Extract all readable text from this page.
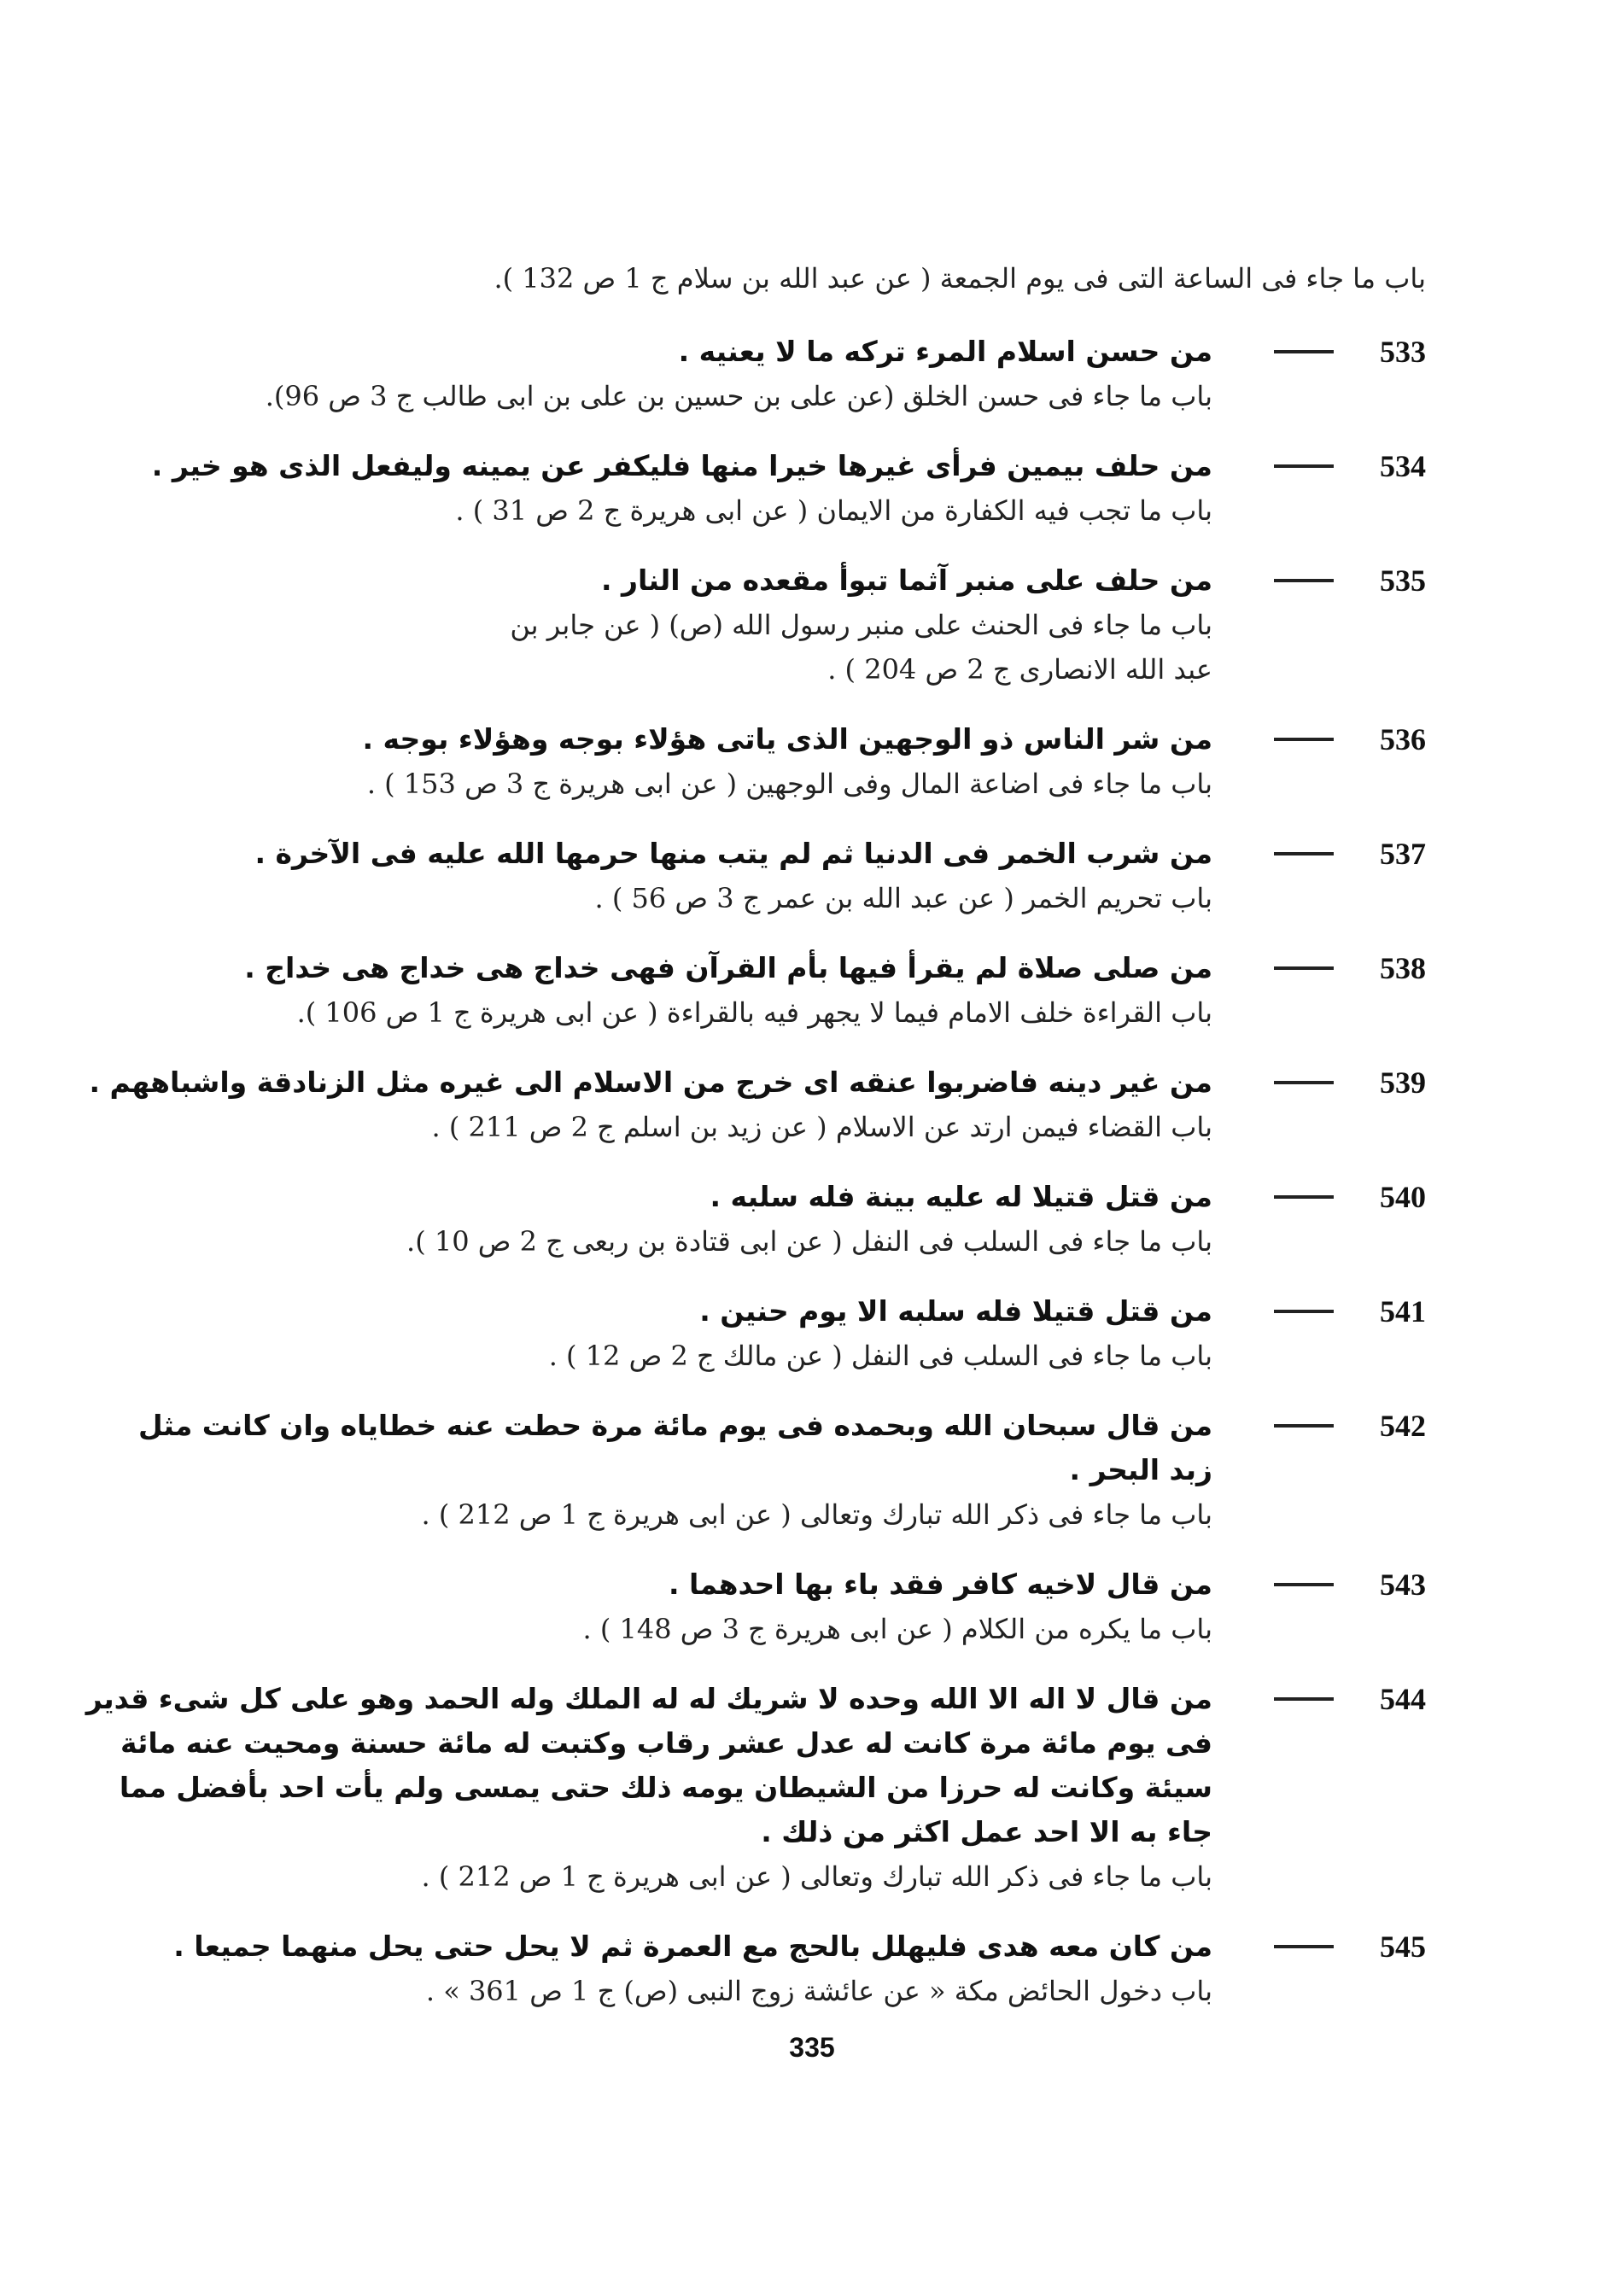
باب ما جاء فى الساعة التى فى يوم الجمعة ( عن عبد الله بن سلام ج 1 ص 132 ).
533
من حسن اسلام المرء تركه ما لا يعنيه .
باب ما جاء فى حسن الخلق (عن على بن حسين بن على بن ابى طالب ج 3 ص 96).
534
من حلف بيمين فرأى غيرها خيرا منها فليكفر عن يمينه وليفعل الذى هو خير .
باب ما تجب فيه الكفارة من الايمان ( عن ابى هريرة ج 2 ص 31 ) .
535
من حلف على منبر آثما تبوأ مقعده من النار .
باب ما جاء فى الحنث على منبر رسول الله (ص) ( عن جابر بن
عبد الله الانصارى ج 2 ص 204 ) .
536
من شر الناس ذو الوجهين الذى ياتى هؤلاء بوجه وهؤلاء بوجه .
باب ما جاء فى اضاعة المال وفى الوجهين ( عن ابى هريرة ج 3 ص 153 ) .
537
من شرب الخمر فى الدنيا ثم لم يتب منها حرمها الله عليه فى الآخرة .
باب تحريم الخمر ( عن عبد الله بن عمر ج 3 ص 56 ) .
538
من صلى صلاة لم يقرأ فيها بأم القرآن فهى خداج هى خداج هى خداج .
باب القراءة خلف الامام فيما لا يجهر فيه بالقراءة ( عن ابى هريرة ج 1 ص 106 ).
539
من غير دينه فاضربوا عنقه اى خرج من الاسلام الى غيره مثل الزنادقة واشباههم .
باب القضاء فيمن ارتد عن الاسلام ( عن زيد بن اسلم ج 2 ص 211 ) .
540
من قتل قتيلا له عليه بينة فله سلبه .
باب ما جاء فى السلب فى النفل ( عن ابى قتادة بن ربعى ج 2 ص 10 ).
541
من قتل قتيلا فله سلبه الا يوم حنين .
باب ما جاء فى السلب فى النفل ( عن مالك ج 2 ص 12 ) .
542
من قال سبحان الله وبحمده فى يوم مائة مرة حطت عنه خطاياه وان كانت مثل
زبد البحر .
باب ما جاء فى ذكر الله تبارك وتعالى ( عن ابى هريرة ج 1 ص 212 ) .
543
من قال لاخيه كافر فقد باء بها احدهما .
باب ما يكره من الكلام ( عن ابى هريرة ج 3 ص 148 ) .
544
من قال لا اله الا الله وحده لا شريك له له الملك وله الحمد وهو على كل شىء قدير
فى يوم مائة مرة كانت له عدل عشر رقاب وكتبت له مائة حسنة ومحيت عنه مائة
سيئة وكانت له حرزا من الشيطان يومه ذلك حتى يمسى ولم يأت احد بأفضل مما
جاء به الا احد عمل اكثر من ذلك .
باب ما جاء فى ذكر الله تبارك وتعالى ( عن ابى هريرة ج 1 ص 212 ) .
545
من كان معه هدى فليهلل بالحج مع العمرة ثم لا يحل حتى يحل منهما جميعا .
باب دخول الحائض مكة « عن عائشة زوج النبى (ص) ج 1 ص 361 » .
335
